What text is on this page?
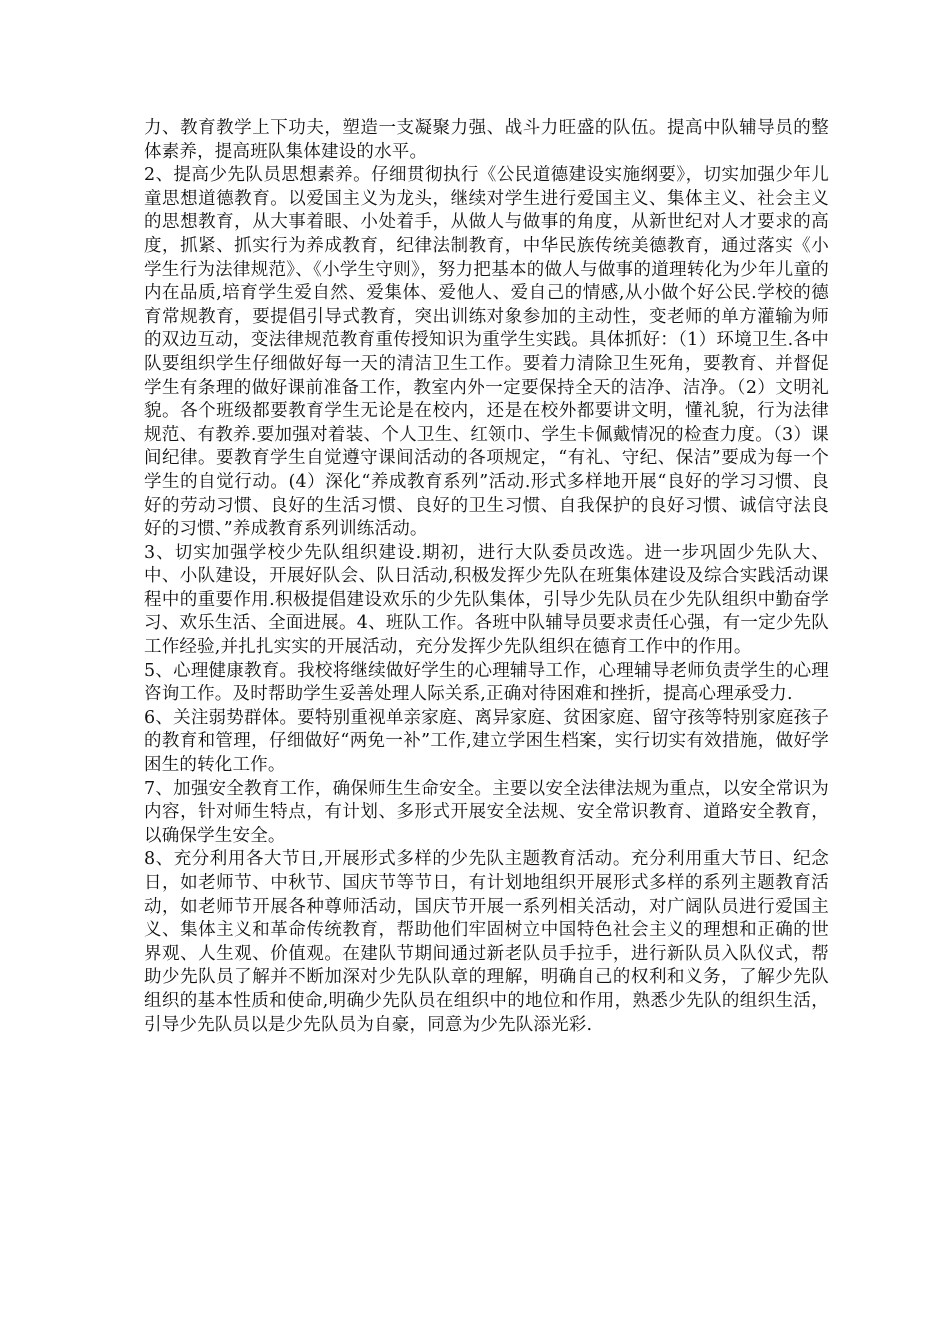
力、教育教学上下功夫，塑造一支凝聚力强、战斗力旺盛的队伍。提高中队辅导员的整体素养，提高班队集体建设的水平。

2、提高少先队员思想素养。仔细贯彻执行《公民道德建设实施纲要》，切实加强少年儿童思想道德教育。以爱国主义为龙头，继续对学生进行爱国主义、集体主义、社会主义的思想教育，从大事着眼、小处着手，从做人与做事的角度，从新世纪对人才要求的高度，抓紧、抓实行为养成教育，纪律法制教育，中华民族传统美德教育，通过落实《小学生行为法律规范》、《小学生守则》，努力把基本的做人与做事的道理转化为少年儿童的内在品质,培育学生爱自然、爱集体、爱他人、爱自己的情感,从小做个好公民.学校的德育常规教育，要提倡引导式教育，突出训练对象参加的主动性，变老师的单方灌输为师的双边互动，变法律规范教育重传授知识为重学生实践。具体抓好：（1）环境卫生.各中队要组织学生仔细做好每一天的清洁卫生工作。要着力清除卫生死角，要教育、并督促学生有条理的做好课前准备工作，教室内外一定要保持全天的洁净、洁净。（2）文明礼貌。各个班级都要教育学生无论是在校内，还是在校外都要讲文明，懂礼貌，行为法律规范、有教养.要加强对着装、个人卫生、红领巾、学生卡佩戴情况的检查力度。（3）课间纪律。要教育学生自觉遵守课间活动的各项规定，“有礼、守纪、保洁”要成为每一个学生的自觉行动。(4）深化“养成教育系列”活动.形式多样地开展“良好的学习习惯、良好的劳动习惯、良好的生活习惯、良好的卫生习惯、自我保护的良好习惯、诚信守法良好的习惯、”养成教育系列训练活动。

3、切实加强学校少先队组织建设.期初，进行大队委员改选。进一步巩固少先队大、中、小队建设，开展好队会、队日活动,积极发挥少先队在班集体建设及综合实践活动课程中的重要作用.积极提倡建设欢乐的少先队集体，引导少先队员在少先队组织中勤奋学习、欢乐生活、全面进展。4、班队工作。各班中队辅导员要求责任心强，有一定少先队工作经验,并扎扎实实的开展活动，充分发挥少先队组织在德育工作中的作用。

5、心理健康教育。我校将继续做好学生的心理辅导工作，心理辅导老师负责学生的心理咨询工作。及时帮助学生妥善处理人际关系,正确对待困难和挫折，提高心理承受力.

6、关注弱势群体。要特别重视单亲家庭、离异家庭、贫困家庭、留守孩等特别家庭孩子的教育和管理，仔细做好“两免一补”工作,建立学困生档案，实行切实有效措施，做好学困生的转化工作。

7、加强安全教育工作，确保师生生命安全。主要以安全法律法规为重点，以安全常识为内容，针对师生特点，有计划、多形式开展安全法规、安全常识教育、道路安全教育，以确保学生安全。

8、充分利用各大节日,开展形式多样的少先队主题教育活动。充分利用重大节日、纪念日，如老师节、中秋节、国庆节等节日，有计划地组织开展形式多样的系列主题教育活动，如老师节开展各种尊师活动，国庆节开展一系列相关活动，对广阔队员进行爱国主义、集体主义和革命传统教育，帮助他们牢固树立中国特色社会主义的理想和正确的世界观、人生观、价值观。在建队节期间通过新老队员手拉手，进行新队员入队仪式，帮助少先队员了解并不断加深对少先队队章的理解，明确自己的权利和义务，了解少先队组织的基本性质和使命,明确少先队员在组织中的地位和作用，熟悉少先队的组织生活，引导少先队员以是少先队员为自豪，同意为少先队添光彩.
